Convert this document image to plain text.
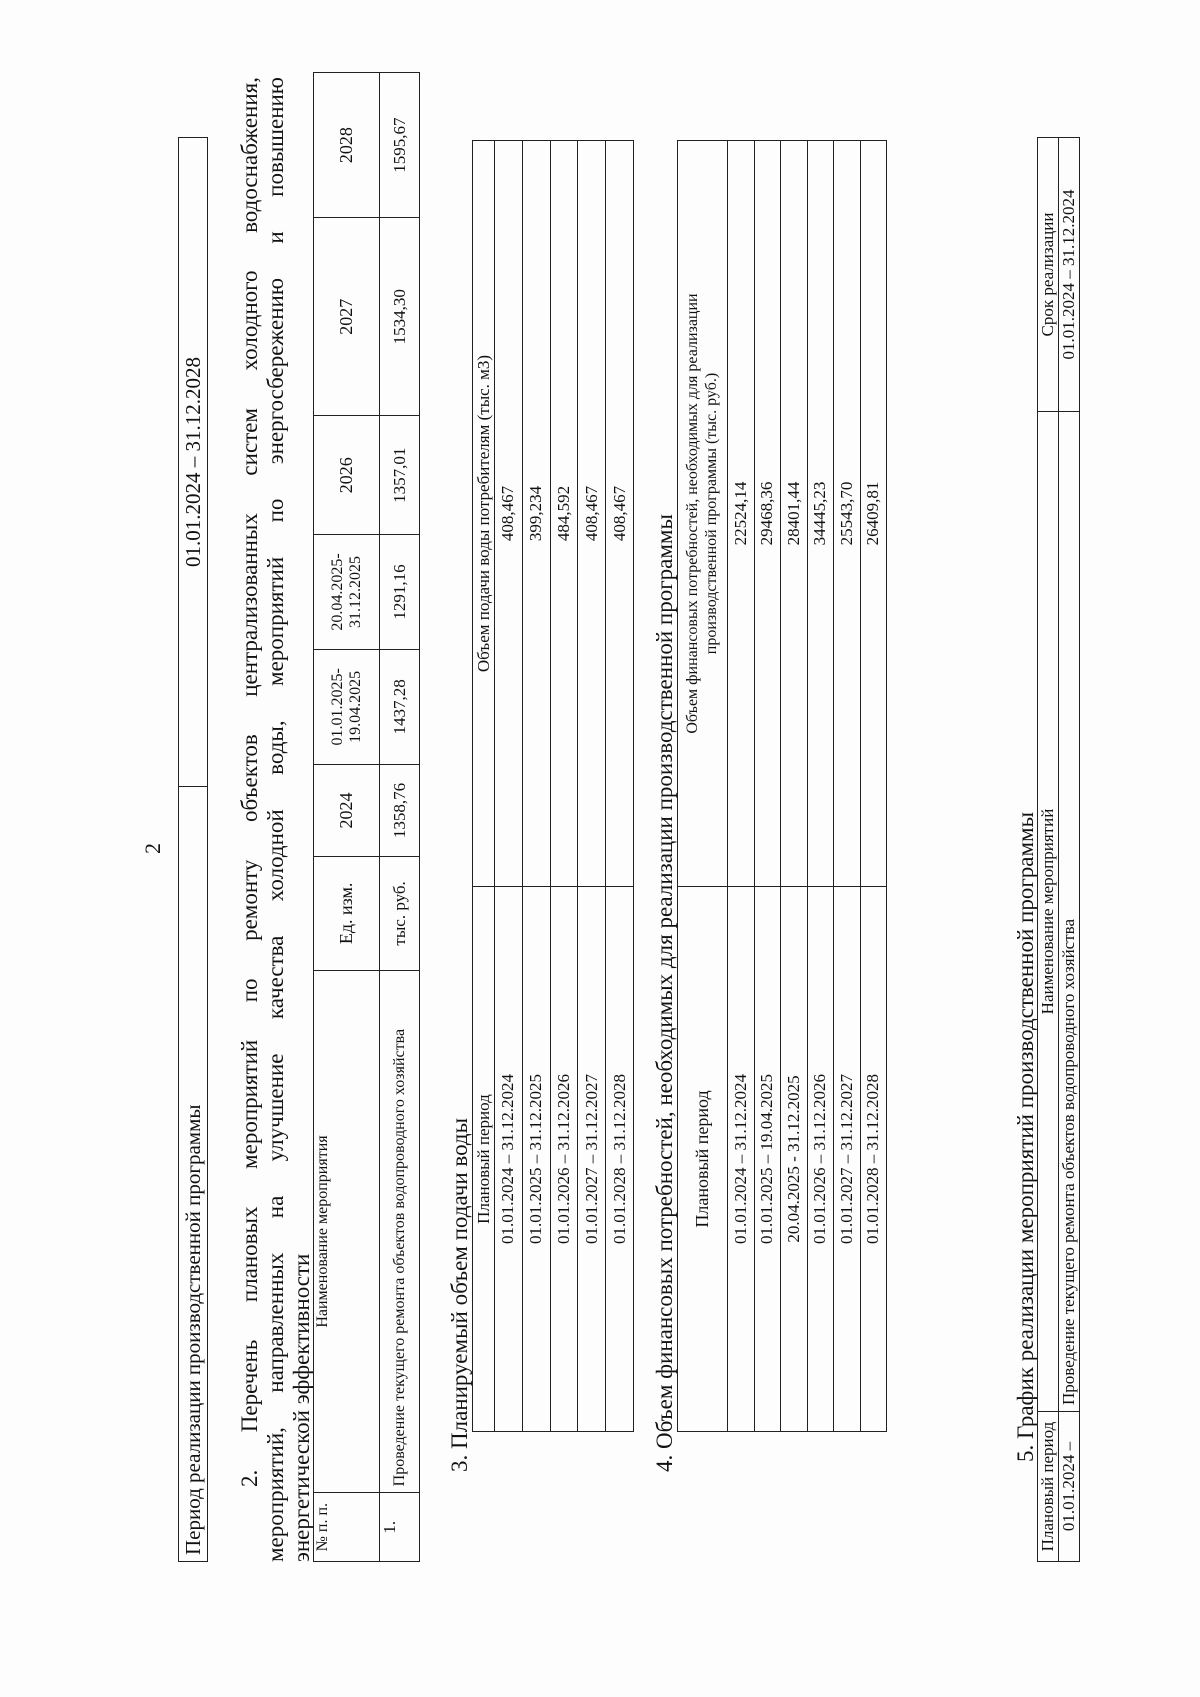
2
Период реализации производственной программы	01.01.2024 – 31.12.2028 2. Перечень плановых мероприятий по ремонту объектов централизованных систем холодного водоснабжения, мероприятий, направленных на улучшение качества холодной воды, мероприятий по энергосбережению и повышению энергетической эффективности № п. п.	Наименование мероприятия	Ед. изм.	2024	01.01.2025-19.04.2025	20.04.2025-31.12.2025	2026	2027	2028
1.	Проведение текущего ремонта объектов водопроводного хозяйства	тыс. руб.	1358,76	1437,28	1291,16	1357,01	1534,30	1595,67
3. Планируемый объем подачи воды Плановый период	Объем подачи воды потребителям (тыс. м3)
01.01.2024 – 31.12.2024	408,467
01.01.2025 – 31.12.2025	399,234
01.01.2026 – 31.12.2026	484,592
01.01.2027 – 31.12.2027	408,467
01.01.2028 – 31.12.2028	408,467
4. Объем финансовых потребностей, необходимых для реализации производственной программы Плановый период	Объем финансовых потребностей, необходимых для реализации производственной программы (тыс. руб.)

01.01.2024 – 31.12.2024	22524,14
01.01.2025 – 19.04.2025	29468,36
20.04.2025 - 31.12.2025	28401,44
01.01.2026 – 31.12.2026	34445,23
01.01.2027 – 31.12.2027	25543,70
01.01.2028 – 31.12.2028	26409,81
5. График реализации мероприятий производственной программы
Плановый период	Наименование мероприятий	Срок реализации
01.01.2024 –	Проведение текущего ремонта объектов водопроводного хозяйства	01.01.2024 – 31.12.2024
